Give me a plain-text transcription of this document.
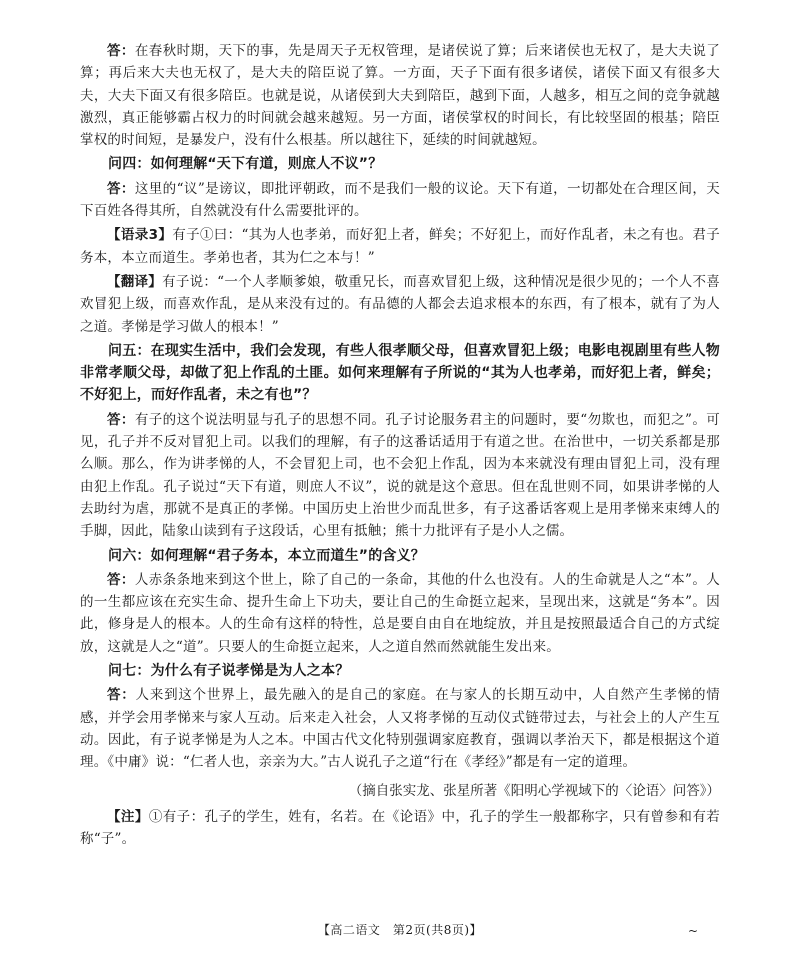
答：在春秋时期，天下的事，先是周天子无权管理，是诸侯说了算；后来诸侯也无权了，是大夫说了算；再后来大夫也无权了，是大夫的陪臣说了算。一方面，天子下面有很多诸侯，诸侯下面又有很多大夫，大夫下面又有很多陪臣。也就是说，从诸侯到大夫到陪臣，越到下面，人越多，相互之间的竞争就越激烈，真正能够霸占权力的时间就会越来越短。另一方面，诸侯掌权的时间长，有比较坚固的根基；陪臣掌权的时间短，是暴发户，没有什么根基。所以越往下，延续的时间就越短。

问四：如何理解“天下有道，则庶人不议”？

答：这里的“议”是谤议，即批评朝政，而不是我们一般的议论。天下有道，一切都处在合理区间，天下百姓各得其所，自然就没有什么需要批评的。

【语录3】有子①曰：“其为人也孝弟，而好犯上者，鲜矣；不好犯上，而好作乱者，未之有也。君子务本，本立而道生。孝弟也者，其为仁之本与！”

【翻译】有子说：“一个人孝顺爹娘，敬重兄长，而喜欢冒犯上级，这种情况是很少见的；一个人不喜欢冒犯上级，而喜欢作乱，是从来没有过的。有品德的人都会去追求根本的东西，有了根本，就有了为人之道。孝悌是学习做人的根本！”

问五：在现实生活中，我们会发现，有些人很孝顺父母，但喜欢冒犯上级；电影电视剧里有些人物非常孝顺父母，却做了犯上作乱的土匪。如何来理解有子所说的“其为人也孝弟，而好犯上者，鲜矣；不好犯上，而好作乱者，未之有也”？

答：有子的这个说法明显与孔子的思想不同。孔子讨论服务君主的问题时，要“勿欺也，而犯之”。可见，孔子并不反对冒犯上司。以我们的理解，有子的这番话适用于有道之世。在治世中，一切关系都是那么顺。那么，作为讲孝悌的人，不会冒犯上司，也不会犯上作乱，因为本来就没有理由冒犯上司，没有理由犯上作乱。孔子说过“天下有道，则庶人不议”，说的就是这个意思。但在乱世则不同，如果讲孝悌的人去助纣为虐，那就不是真正的孝悌。中国历史上治世少而乱世多，有子这番话客观上是用孝悌来束缚人的手脚，因此，陆象山读到有子这段话，心里有抵触；熊十力批评有子是小人之儒。

问六：如何理解“君子务本，本立而道生”的含义？

答：人赤条条地来到这个世上，除了自己的一条命，其他的什么也没有。人的生命就是人之“本”。人的一生都应该在充实生命、提升生命上下功夫，要让自己的生命挺立起来，呈现出来，这就是“务本”。因此，修身是人的根本。人的生命有这样的特性，总是要自由自在地绽放，并且是按照最适合自己的方式绽放，这就是人之“道”。只要人的生命挺立起来，人之道自然而然就能生发出来。

问七：为什么有子说孝悌是为人之本？

答：人来到这个世界上，最先融入的是自己的家庭。在与家人的长期互动中，人自然产生孝悌的情感，并学会用孝悌来与家人互动。后来走入社会，人又将孝悌的互动仪式链带过去，与社会上的人产生互动。因此，有子说孝悌是为人之本。中国古代文化特别强调家庭教育，强调以孝治天下，都是根据这个道理。《中庸》说：“仁者人也，亲亲为大。”古人说孔子之道“行在《孝经》”都是有一定的道理。

（摘自张实龙、张星所著《阳明心学视域下的〈论语〉问答》）

【注】①有子：孔子的学生，姓有，名若。在《论语》中，孔子的学生一般都称字，只有曾参和有若称“子”。

【高二语文　第2页(共8页)】	~
